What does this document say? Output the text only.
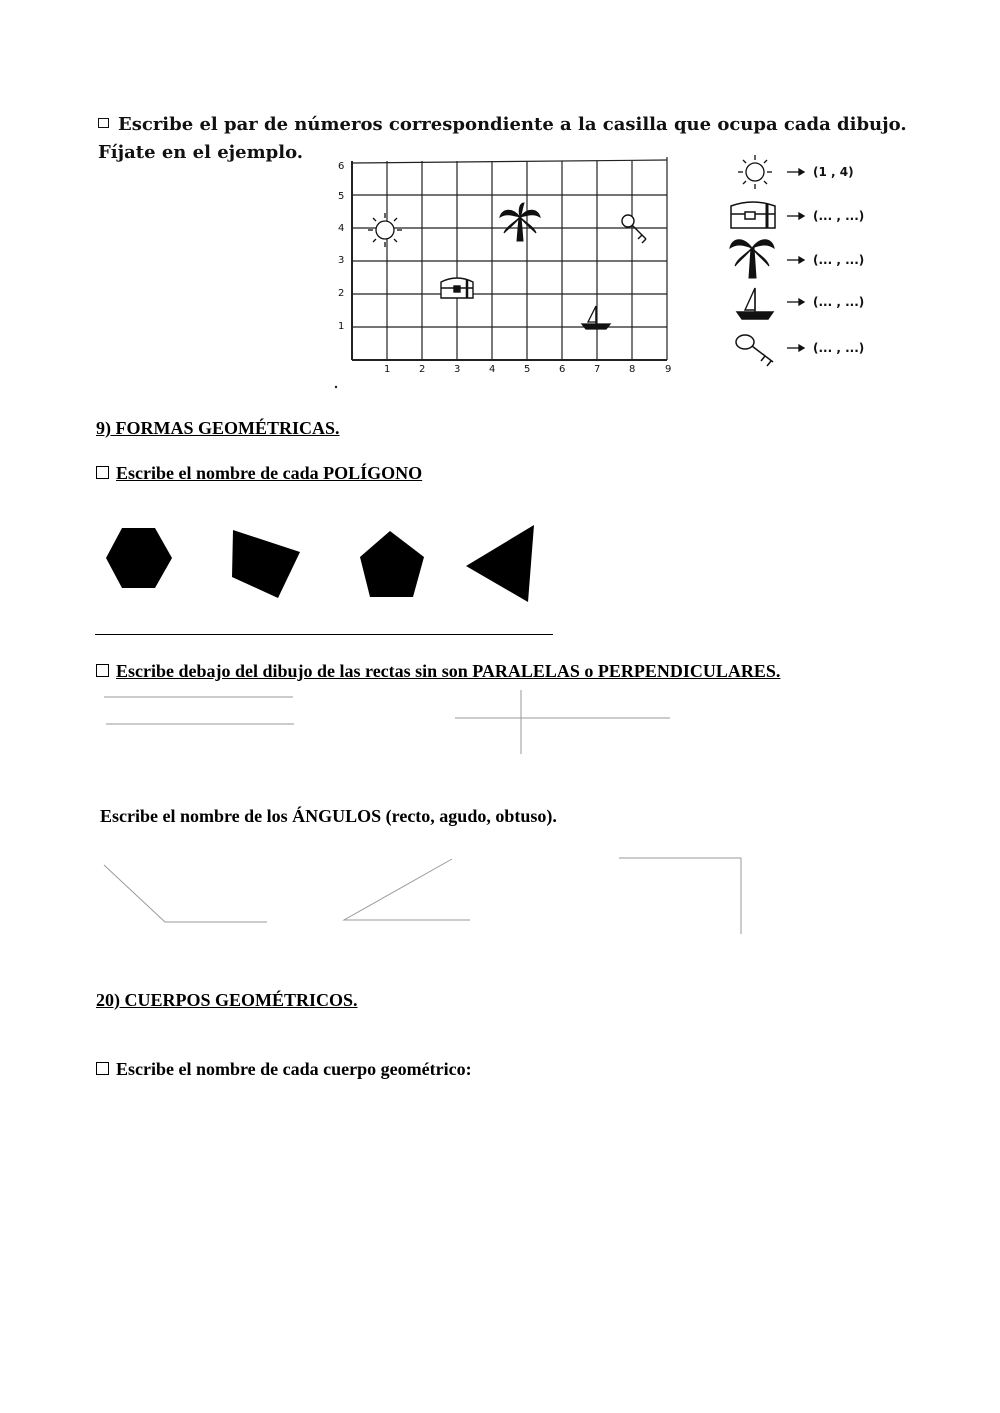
Escribe el par de números correspondiente a la casilla que ocupa cada dibujo.
Fíjate en el ejemplo.
1
2
3
4
5
6
1	2	3	4	5	6	7	8	9
(1 , 4)
(... , ...)
(... , ...)
(... , ...)
(... , ...)
9) FORMAS GEOMÉTRICAS.
Escribe el nombre de cada POLÍGONO
Escribe debajo del dibujo de las rectas sin son PARALELAS o PERPENDICULARES.
Escribe el nombre de los ÁNGULOS (recto, agudo, obtuso).
20) CUERPOS GEOMÉTRICOS.
Escribe el nombre de cada cuerpo geométrico:
